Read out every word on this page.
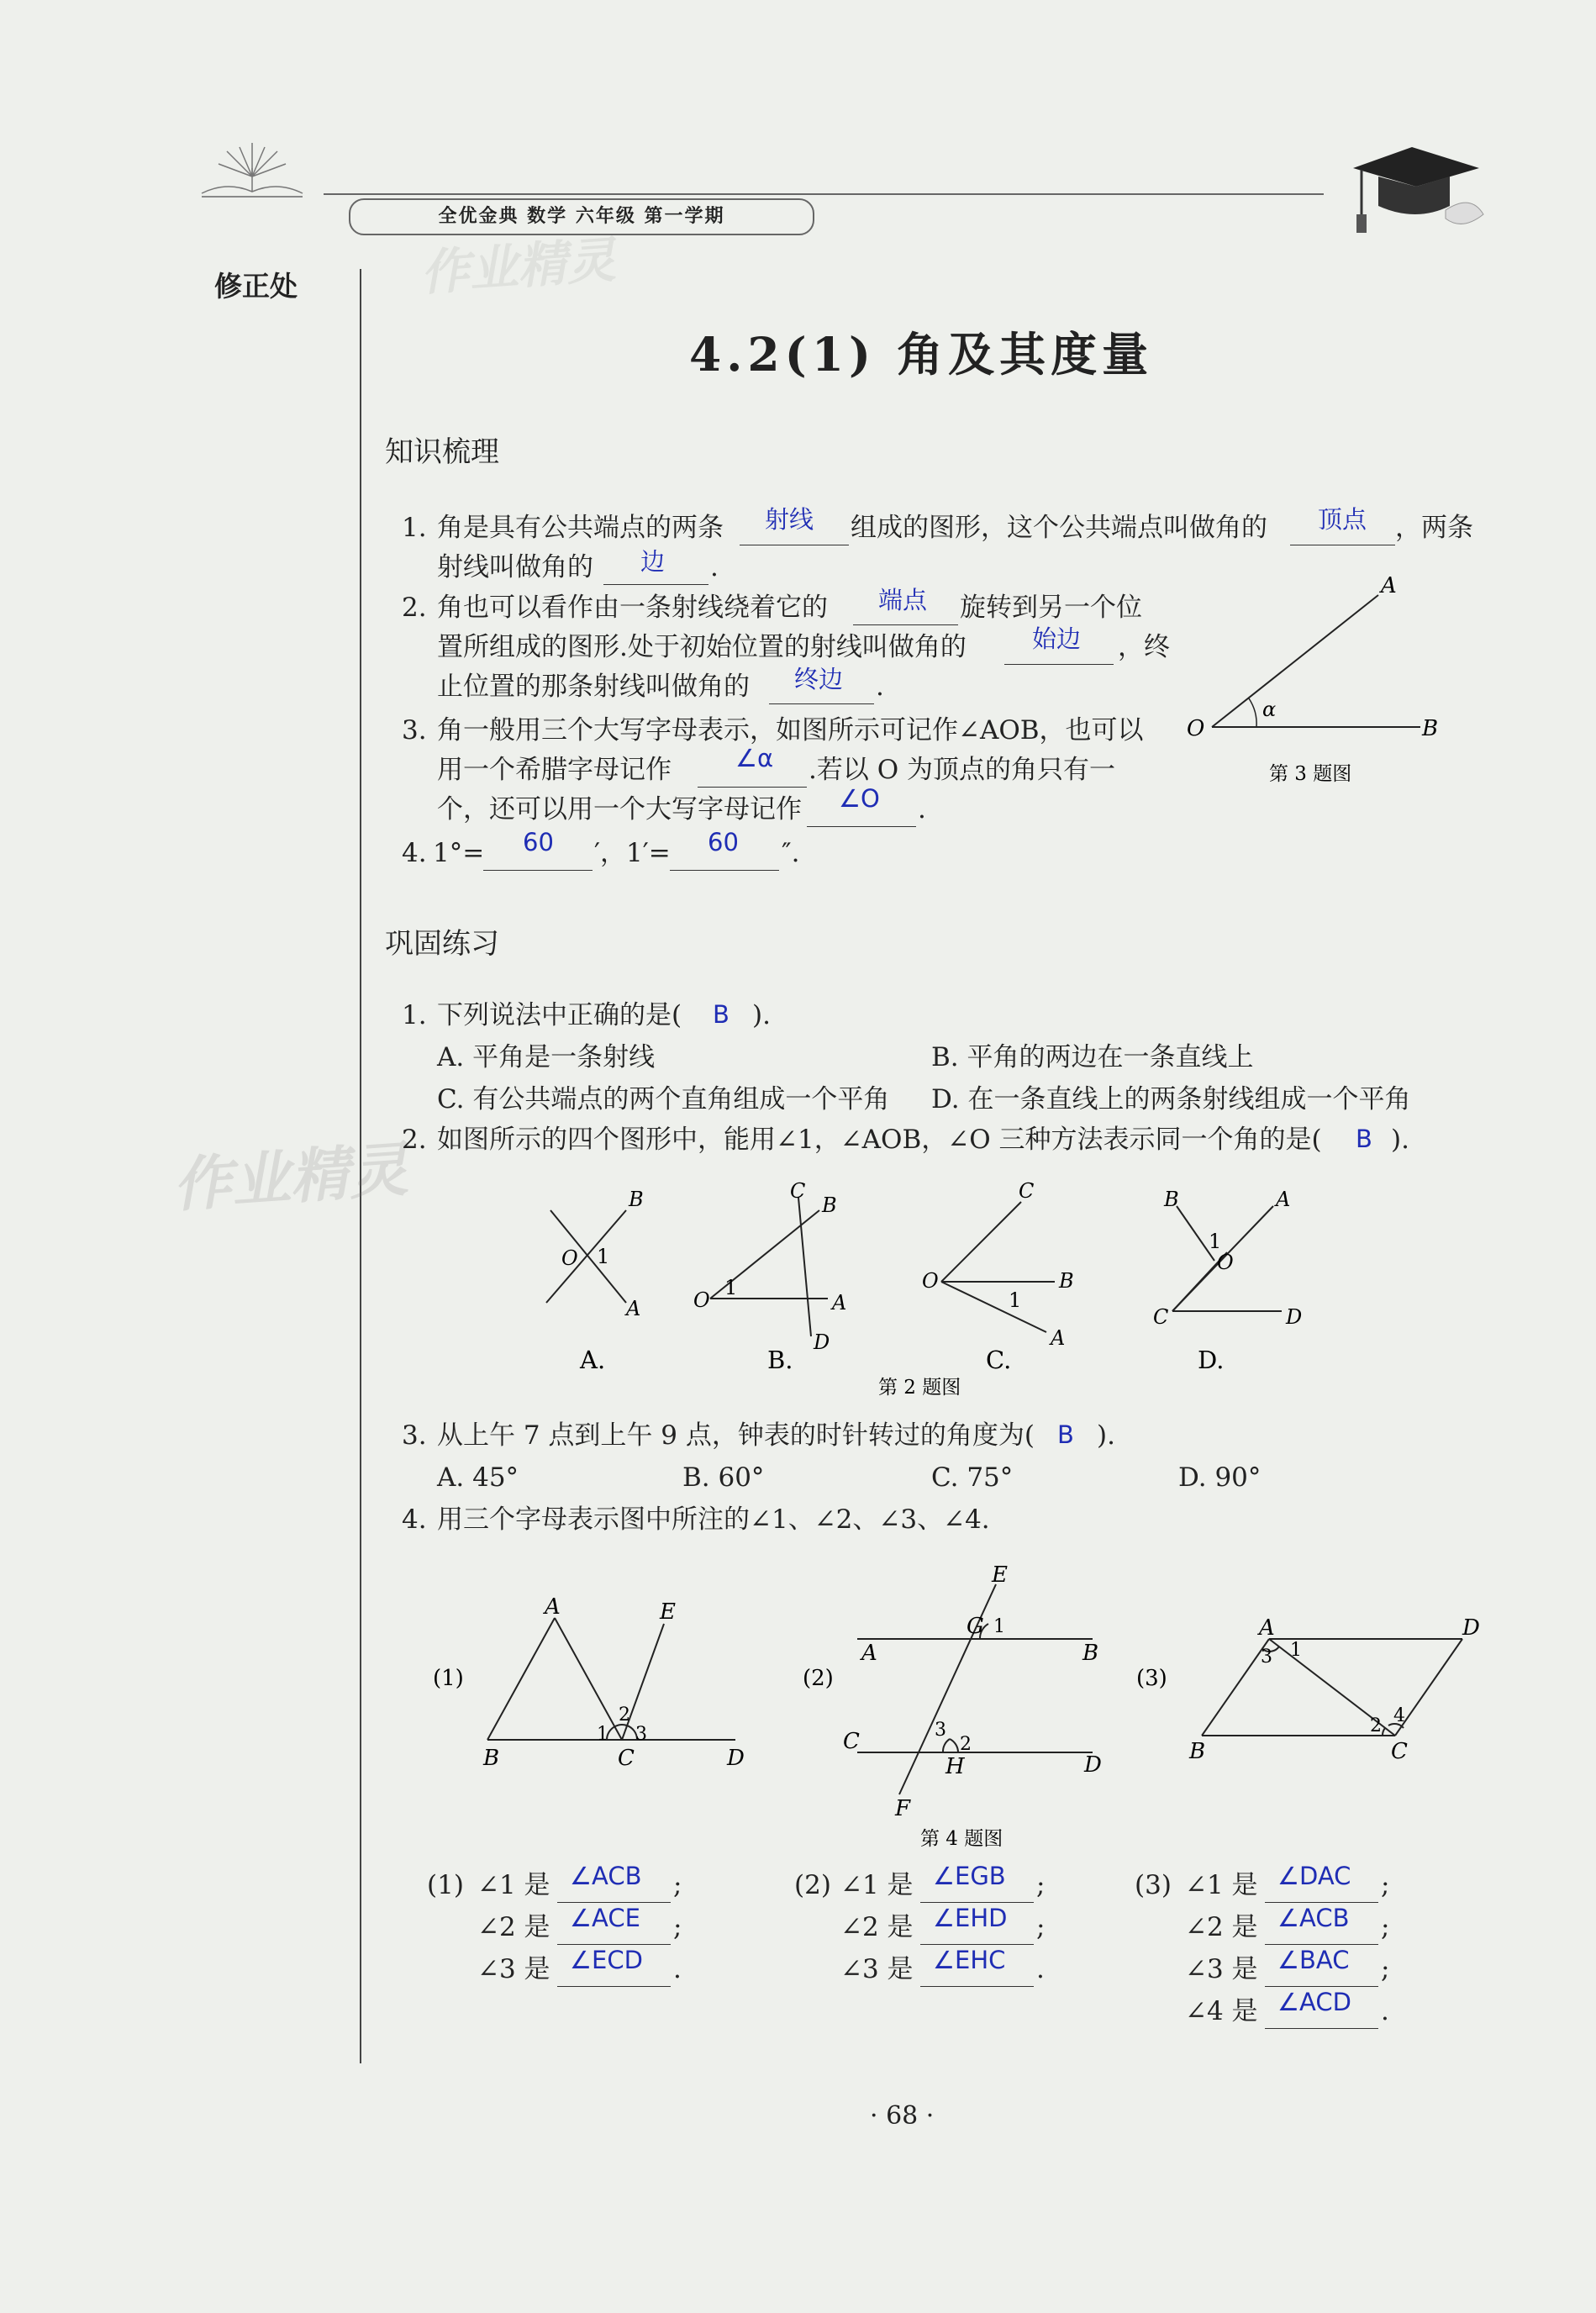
全优金典 数学 六年级 第一学期
修正处 作业精灵
作业精灵
4.2(1) 角及其度量
知识梳理
1. 角是具有公共端点的两条 射线 组成的图形，这个公共端点叫做角的 顶点 ，两条
射线叫做角的 边 .
2. 角也可以看作由一条射线绕着它的 端点 旋转到另一个位
置所组成的图形.处于初始位置的射线叫做角的	始边 ，终
止位置的那条射线叫做角的 终边 .
3. 角一般用三个大写字母表示，如图所示可记作∠AOB，也可以
用一个希腊字母记作	∠α .若以 O 为顶点的角只有一
个，还可以用一个大写字母记作 ∠O .
4. 1°= 60 ′，1′= 60 ″.
A
O	B
α
第 3 题图
巩固练习
1. 下列说法中正确的是( B ).
A. 平角是一条射线	B. 平角的两边在一条直线上
C. 有公共端点的两个直角组成一个平角 D. 在一条直线上的两条射线组成一个平角
2. 如图所示的四个图形中，能用∠1，∠AOB，∠O 三种方法表示同一个角的是( B ).
B
O 1
A
C
B
O
1
A
D
C
O
1
B
A
B	A
1
O
C	D
A.	B.	C.	D.
第 2 题图
3. 从上午 7 点到上午 9 点，钟表的时针转过的角度为( B ).
A. 45°	B. 60°	C. 75°	D. 90°
4. 用三个字母表示图中所注的∠1、∠2、∠3、∠4.
(1)
A	E
B	C	D
1
2
3
(2)
E
G 1
A	B
C	3
2
H	D
F
(3)
A	D
1
3
2 4
B	C
第 4 题图
(1) ∠1 是 ∠ACB ;
∠2 是 ∠ACE ;
∠3 是 ∠ECD .
(2) ∠1 是 ∠EGB ;
∠2 是 ∠EHD ;
∠3 是 ∠EHC .
(3) ∠1 是 ∠DAC ;
∠2 是 ∠ACB ;
∠3 是 ∠BAC ;
∠4 是 ∠ACD .
· 68 ·
